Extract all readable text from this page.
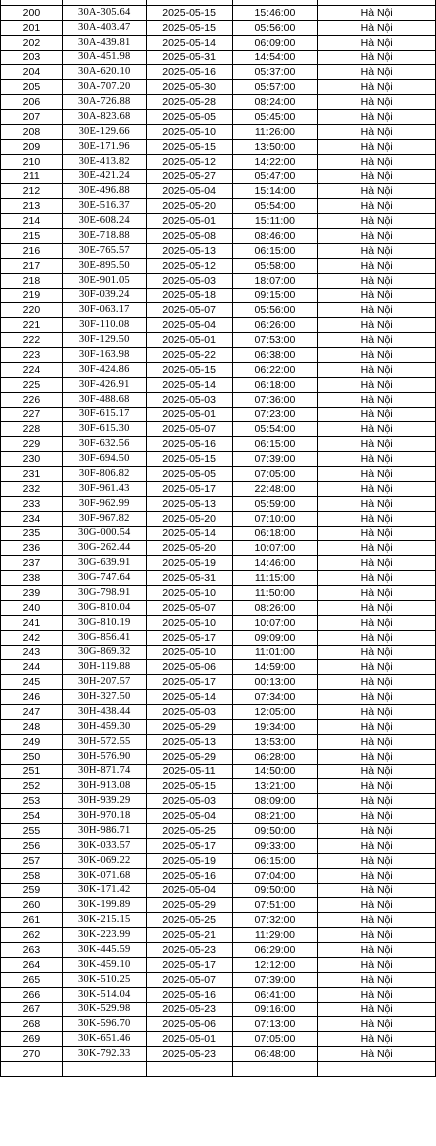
200	30A-305.64	2025-05-15	15:46:00	Hà Nội
201	30A-403.47	2025-05-15	05:56:00	Hà Nội
202	30A-439.81	2025-05-14	06:09:00	Hà Nội
203	30A-451.98	2025-05-31	14:54:00	Hà Nội
204	30A-620.10	2025-05-16	05:37:00	Hà Nội
205	30A-707.20	2025-05-30	05:57:00	Hà Nội
206	30A-726.88	2025-05-28	08:24:00	Hà Nội
207	30A-823.68	2025-05-05	05:45:00	Hà Nội
208	30E-129.66	2025-05-10	11:26:00	Hà Nội
209	30E-171.96	2025-05-15	13:50:00	Hà Nội
210	30E-413.82	2025-05-12	14:22:00	Hà Nội
211	30E-421.24	2025-05-27	05:47:00	Hà Nội
212	30E-496.88	2025-05-04	15:14:00	Hà Nội
213	30E-516.37	2025-05-20	05:54:00	Hà Nội
214	30E-608.24	2025-05-01	15:11:00	Hà Nội
215	30E-718.88	2025-05-08	08:46:00	Hà Nội
216	30E-765.57	2025-05-13	06:15:00	Hà Nội
217	30E-895.50	2025-05-12	05:58:00	Hà Nội
218	30E-901.05	2025-05-03	18:07:00	Hà Nội
219	30F-039.24	2025-05-18	09:15:00	Hà Nội
220	30F-063.17	2025-05-07	05:56:00	Hà Nội
221	30F-110.08	2025-05-04	06:26:00	Hà Nội
222	30F-129.50	2025-05-01	07:53:00	Hà Nội
223	30F-163.98	2025-05-22	06:38:00	Hà Nội
224	30F-424.86	2025-05-15	06:22:00	Hà Nội
225	30F-426.91	2025-05-14	06:18:00	Hà Nội
226	30F-488.68	2025-05-03	07:36:00	Hà Nội
227	30F-615.17	2025-05-01	07:23:00	Hà Nội
228	30F-615.30	2025-05-07	05:54:00	Hà Nội
229	30F-632.56	2025-05-16	06:15:00	Hà Nội
230	30F-694.50	2025-05-15	07:39:00	Hà Nội
231	30F-806.82	2025-05-05	07:05:00	Hà Nội
232	30F-961.43	2025-05-17	22:48:00	Hà Nội
233	30F-962.99	2025-05-13	05:59:00	Hà Nội
234	30F-967.82	2025-05-20	07:10:00	Hà Nội
235	30G-000.54	2025-05-14	06:18:00	Hà Nội
236	30G-262.44	2025-05-20	10:07:00	Hà Nội
237	30G-639.91	2025-05-19	14:46:00	Hà Nội
238	30G-747.64	2025-05-31	11:15:00	Hà Nội
239	30G-798.91	2025-05-10	11:50:00	Hà Nội
240	30G-810.04	2025-05-07	08:26:00	Hà Nội
241	30G-810.19	2025-05-10	10:07:00	Hà Nội
242	30G-856.41	2025-05-17	09:09:00	Hà Nội
243	30G-869.32	2025-05-10	11:01:00	Hà Nội
244	30H-119.88	2025-05-06	14:59:00	Hà Nội
245	30H-207.57	2025-05-17	00:13:00	Hà Nội
246	30H-327.50	2025-05-14	07:34:00	Hà Nội
247	30H-438.44	2025-05-03	12:05:00	Hà Nội
248	30H-459.30	2025-05-29	19:34:00	Hà Nội
249	30H-572.55	2025-05-13	13:53:00	Hà Nội
250	30H-576.90	2025-05-29	06:28:00	Hà Nội
251	30H-871.74	2025-05-11	14:50:00	Hà Nội
252	30H-913.08	2025-05-15	13:21:00	Hà Nội
253	30H-939.29	2025-05-03	08:09:00	Hà Nội
254	30H-970.18	2025-05-04	08:21:00	Hà Nội
255	30H-986.71	2025-05-25	09:50:00	Hà Nội
256	30K-033.57	2025-05-17	09:33:00	Hà Nội
257	30K-069.22	2025-05-19	06:15:00	Hà Nội
258	30K-071.68	2025-05-16	07:04:00	Hà Nội
259	30K-171.42	2025-05-04	09:50:00	Hà Nội
260	30K-199.89	2025-05-29	07:51:00	Hà Nội
261	30K-215.15	2025-05-25	07:32:00	Hà Nội
262	30K-223.99	2025-05-21	11:29:00	Hà Nội
263	30K-445.59	2025-05-23	06:29:00	Hà Nội
264	30K-459.10	2025-05-17	12:12:00	Hà Nội
265	30K-510.25	2025-05-07	07:39:00	Hà Nội
266	30K-514.04	2025-05-16	06:41:00	Hà Nội
267	30K-529.98	2025-05-23	09:16:00	Hà Nội
268	30K-596.70	2025-05-06	07:13:00	Hà Nội
269	30K-651.46	2025-05-01	07:05:00	Hà Nội
270	30K-792.33	2025-05-23	06:48:00	Hà Nội
